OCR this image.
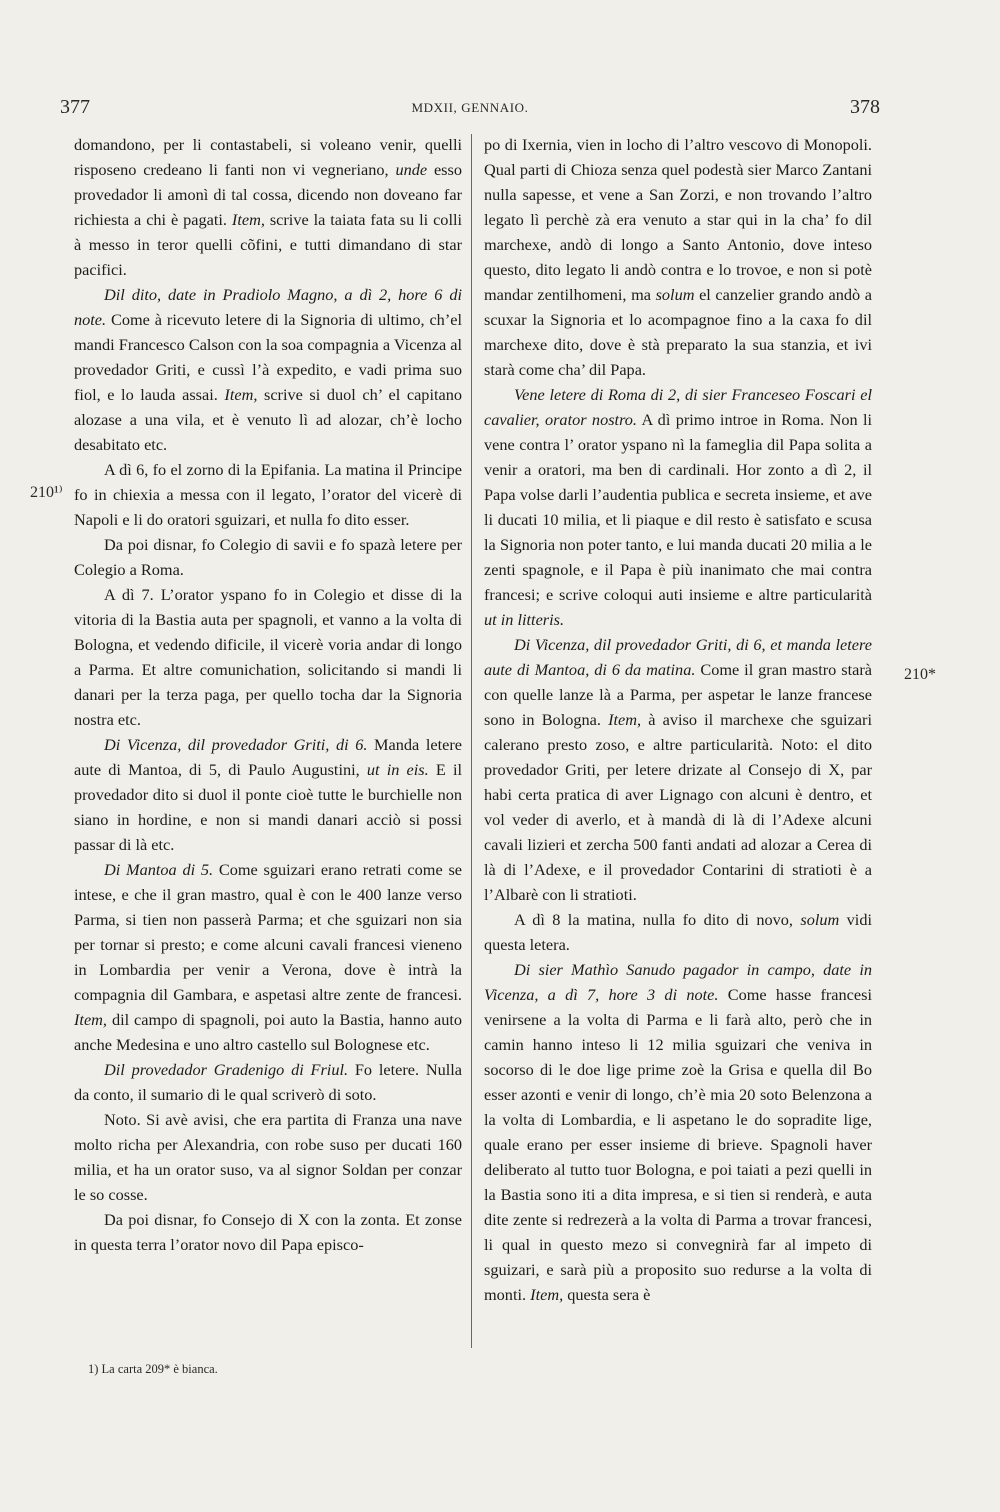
377	MDXII, GENNAIO.	378
210¹⁾
210*

domandono, per li contastabeli, si voleano venir, quelli risposeno credeano li fanti non vi vegneriano, unde esso provedador li amonì di tal cossa, dicendo non doveano far richiesta a chi è pagati. Item, scrive la taiata fata su li colli à messo in teror quelli cõfini, e tutti dimandano di star pacifici.

Dil dito, date in Pradiolo Magno, a dì 2, hore 6 di note. Come à ricevuto letere di la Signoria di ultimo, ch’el mandi Francesco Calson con la soa compagnia a Vicenza al provedador Griti, e cussì l’à expedito, e vadi prima suo fiol, e lo lauda assai. Item, scrive si duol ch’ el capitano alozase a una vila, et è venuto lì ad alozar, ch’è locho desabitato etc.

A dì 6, fo el zorno di la Epifania. La matina il Principe fo in chiexia a messa con il legato, l’orator del vicerè di Napoli e li do oratori sguizari, et nulla fo dito esser.

Da poi disnar, fo Colegio di savii e fo spazà letere per Colegio a Roma.

A dì 7. L’orator yspano fo in Colegio et disse di la vitoria di la Bastia auta per spagnoli, et vanno a la volta di Bologna, et vedendo dificile, il vicerè voria andar di longo a Parma. Et altre comunichation, solicitando si mandi li danari per la terza paga, per quello tocha dar la Signoria nostra etc.

Di Vicenza, dil provedador Griti, di 6. Manda letere aute di Mantoa, di 5, di Paulo Augustini, ut in eis. E il provedador dito si duol il ponte cioè tutte le burchielle non siano in hordine, e non si mandi danari acciò si possi passar di là etc.

Di Mantoa di 5. Come sguizari erano retrati come se intese, e che il gran mastro, qual è con le 400 lanze verso Parma, si tien non passerà Parma; et che sguizari non sia per tornar si presto; e come alcuni cavali francesi vieneno in Lombardia per venir a Verona, dove è intrà la compagnia dil Gambara, e aspetasi altre zente de francesi. Item, dil campo di spagnoli, poi auto la Bastia, hanno auto anche Medesina e uno altro castello sul Bolognese etc.

Dil provedador Gradenigo di Friul. Fo letere. Nulla da conto, il sumario di le qual scriverò di soto.

Noto. Si avè avisi, che era partita di Franza una nave molto richa per Alexandria, con robe suso per ducati 160 milia, et ha un orator suso, va al signor Soldan per conzar le so cosse.

Da poi disnar, fo Consejo di X con la zonta. Et zonse in questa terra l’orator novo dil Papa episco-

po di Ixernia, vien in locho di l’altro vescovo di Monopoli. Qual parti di Chioza senza quel podestà sier Marco Zantani nulla sapesse, et vene a San Zorzi, e non trovando l’altro legato lì perchè zà era venuto a star qui in la cha’ fo dil marchexe, andò di longo a Santo Antonio, dove inteso questo, dito legato li andò contra e lo trovoe, e non si potè mandar zentilhomeni, ma solum el canzelier grando andò a scuxar la Signoria et lo acompagnoe fino a la caxa fo dil marchexe dito, dove è stà preparato la sua stanzia, et ivi starà come cha’ dil Papa.

Vene letere di Roma di 2, di sier Franceseo Foscari el cavalier, orator nostro. A dì primo introe in Roma. Non li vene contra l’ orator yspano nì la fameglia dil Papa solita a venir a oratori, ma ben di cardinali. Hor zonto a dì 2, il Papa volse darli l’audentia publica e secreta insieme, et ave li ducati 10 milia, et li piaque e dil resto è satisfato e scusa la Signoria non poter tanto, e lui manda ducati 20 milia a le zenti spagnole, e il Papa è più inanimato che mai contra francesi; e scrive coloqui auti insieme e altre particularità ut in litteris.

Di Vicenza, dil provedador Griti, di 6, et manda letere aute di Mantoa, di 6 da matina. Come il gran mastro starà con quelle lanze là a Parma, per aspetar le lanze francese sono in Bologna. Item, à aviso il marchexe che sguizari calerano presto zoso, e altre particularità. Noto: el dito provedador Griti, per letere drizate al Consejo di X, par habi certa pratica di aver Lignago con alcuni è dentro, et vol veder di averlo, et à mandà di là di l’Adexe alcuni cavali lizieri et zercha 500 fanti andati ad alozar a Cerea di là di l’Adexe, e il provedador Contarini di stratioti è a l’Albarè con li stratioti.

A dì 8 la matina, nulla fo dito di novo, solum vidi questa letera.

Di sier Mathìo Sanudo pagador in campo, date in Vicenza, a dì 7, hore 3 di note. Come hasse francesi venirsene a la volta di Parma e li farà alto, però che in camin hanno inteso li 12 milia sguizari che veniva in socorso di le doe lige prime zoè la Grisa e quella dil Bo esser azonti e venir di longo, ch’è mia 20 soto Belenzona a la volta di Lombardia, e li aspetano le do sopradite lige, quale erano per esser insieme di brieve. Spagnoli haver deliberato al tutto tuor Bologna, e poi taiati a pezi quelli in la Bastia sono iti a dita impresa, e si tien si renderà, e auta dite zente si redrezerà a la volta di Parma a trovar francesi, li qual in questo mezo si convegnirà far al impeto di sguizari, e sarà più a proposito suo redurse a la volta di monti. Item, questa sera è

1) La carta 209* è bianca.
